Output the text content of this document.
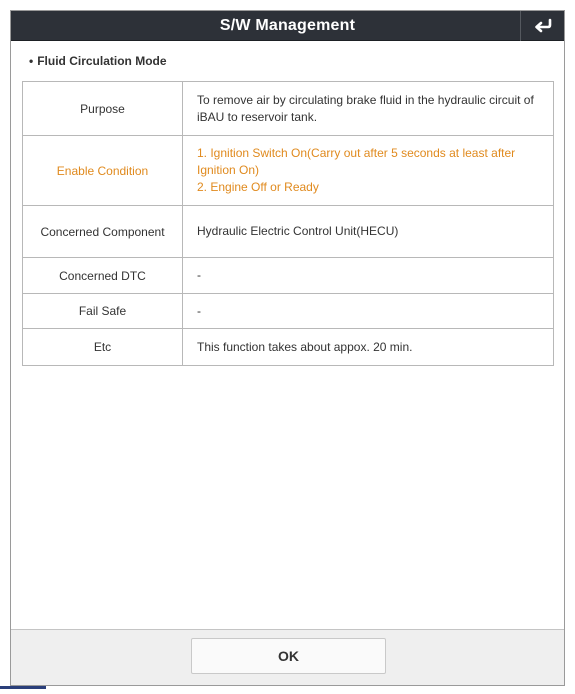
S/W Management
• Fluid Circulation Mode
Purpose	To remove air by circulating brake fluid in the hydraulic circuit of iBAU to reservoir tank.
Enable Condition	1. Ignition Switch On(Carry out after 5 seconds at least after Ignition On)
2. Engine Off or Ready

Concerned Component	Hydraulic Electric Control Unit(HECU)
Concerned DTC	-
Fail Safe	-
Etc	This function takes about appox. 20 min.
OK
